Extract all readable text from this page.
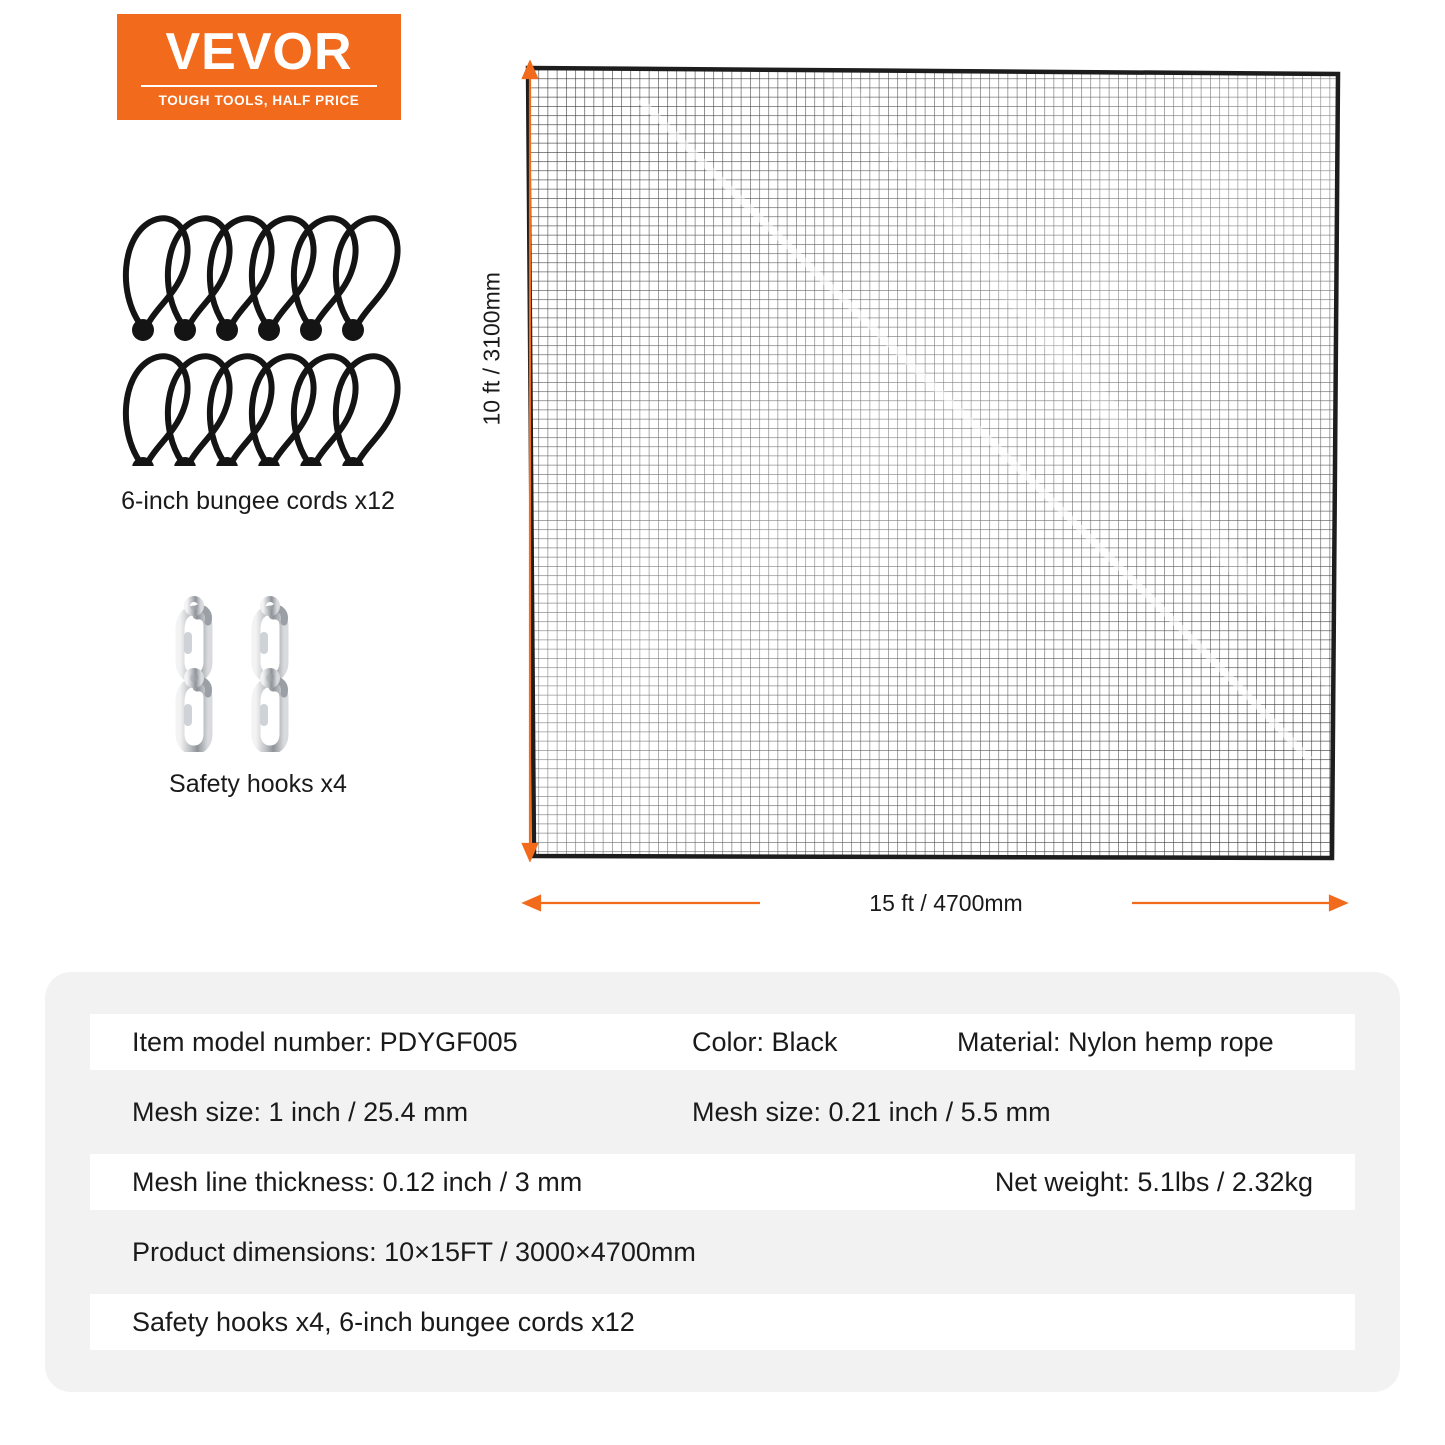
VEVOR
TOUGH TOOLS, HALF PRICE
6-inch bungee cords x12
Safety hooks x4
10 ft / 3100mm
15 ft / 4700mm
Item model number: PDYGF005	Color: Black	Material: Nylon hemp rope
Mesh size: 1 inch / 25.4 mm	Mesh size: 0.21 inch / 5.5 mm
Mesh line thickness: 0.12 inch / 3 mm	Net weight: 5.1lbs / 2.32kg
Product dimensions: 10×15FT / 3000×4700mm
Safety hooks x4, 6-inch bungee cords x12
